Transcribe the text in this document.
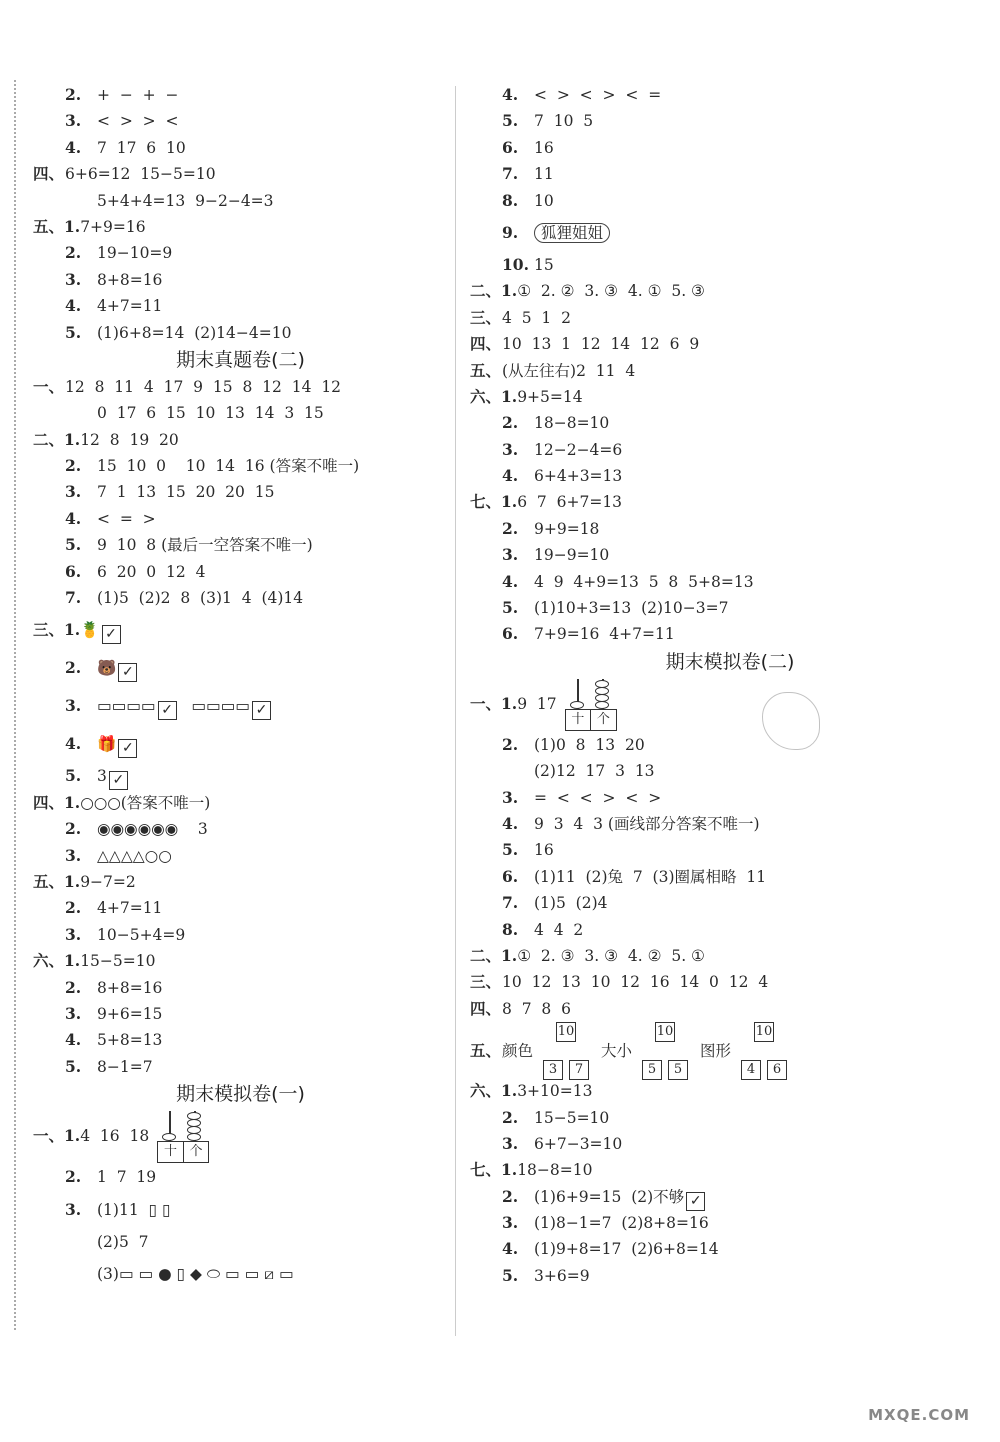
2. +  −  +  −
3. <  >  >  <
4. 7  17  6  10
四、6+6=12  15−5=10
5+4+4=13  9−2−4=3
五、1.7+9=16
2. 19−10=9
3. 8+8=16
4. 4+7=11
5. (1)6+8=14  (2)14−4=10
期末真题卷(二)
一、12  8  11  4  17  9  15  8  12  14  12
0  17  6  15  10  13  14  3  15
二、1.12  8  19  20
2. 15  10  0    10  14  16 (答案不唯一)
3. 7  1  13  15  20  20  15
4. <  =  >
5. 9  10  8 (最后一空答案不唯一)
6. 6  20  0  12  4
7. (1)5  (2)2  8  (3)1  4  (4)14
三、1.🍍 ✓
2. 🐻 ✓
3. ▭▭▭▭ ✓ ▭▭▭▭ ✓
4. 🎁 ✓
5. 3 ✓
四、1.○○○(答案不唯一)
2. ◉◉◉◉◉◉    3
3. △△△△○○
五、1.9−7=2
2. 4+7=11
3. 10−5+4=9
六、1.15−5=10
2. 8+8=16
3. 9+6=15
4. 5+8=13
5. 8−1=7
期末模拟卷(一)
一、1.4  16  18
十 个
2. 1  7  19
3. (1)11  ▯ ▯
(2)5  7
(3)▭ ▭ ● ▯ ◆ ⬭ ▭ ▭ ⧄ ▭
4. <  >  <  >  <  =
5. 7  10  5
6. 16
7. 11
8. 10
9. 狐狸姐姐
10. 15
二、1.①  2. ②  3. ③  4. ①  5. ③
三、4  5  1  2
四、10  13  1  12  14  12  6  9
五、(从左往右)2  11  4
六、1.9+5=14
2. 18−8=10
3. 12−2−4=6
4. 6+4+3=13
七、1.6  7  6+7=13
2. 9+9=18
3. 19−9=10
4. 4  9  4+9=13  5  8  5+8=13
5. (1)10+3=13  (2)10−3=7
6. 7+9=16  4+7=11
期末模拟卷(二)
一、1.9  17
十 个
2. (1)0  8  13  20
(2)12  17  3  13
3. =  <  <  >  <  >
4. 9  3  4  3 (画线部分答案不唯一)
5. 16
6. (1)11  (2)兔  7  (3)圈属相略  11
7. (1)5  (2)4
8. 4  4  2
二、1.①  2. ③  3. ③  4. ②  5. ①
三、10  12  13  10  12  16  14  0  12  4
四、8  7  8  6
五、颜色
10
3	7
大小
10
5	5
图形
10
4	6
六、1.3+10=13
2. 15−5=10
3. 6+7−3=10
七、1.18−8=10
2. (1)6+9=15  (2)不够 ✓
3. (1)8−1=7  (2)8+8=16
4. (1)9+8=17  (2)6+8=14
5. 3+6=9
MXQE.COM
